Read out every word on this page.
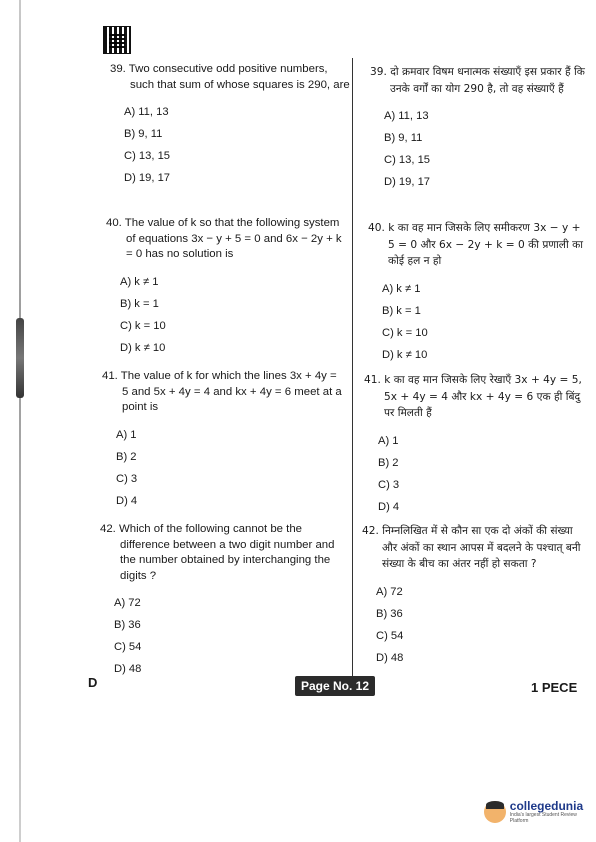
39. Two consecutive odd positive numbers, such that sum of whose squares is 290, are

A) 11, 13
B) 9, 11
C) 13, 15
D) 19, 17

40. The value of k so that the following system of equations 3x − y + 5 = 0 and 6x − 2y + k = 0 has no solution is

A) k ≠ 1
B) k = 1
C) k = 10
D) k ≠ 10

41. The value of k for which the lines 3x + 4y = 5 and 5x + 4y = 4 and kx + 4y = 6 meet at a point is

A) 1
B) 2
C) 3
D) 4

42. Which of the following cannot be the difference between a two digit number and the number obtained by interchanging the digits ?

A) 72
B) 36
C) 54
D) 48

39. दो क्रमवार विषम धनात्मक संख्याएँ इस प्रकार हैं कि उनके वर्गों का योग 290 है, तो वह संख्याएँ हैं

A) 11, 13
B) 9, 11
C) 13, 15
D) 19, 17

40. k का वह मान जिसके लिए समीकरण 3x − y + 5 = 0 और 6x − 2y + k = 0 की प्रणाली का कोई हल न हो

A) k ≠ 1
B) k = 1
C) k = 10
D) k ≠ 10

41. k का वह मान जिसके लिए रेखाएँ 3x + 4y = 5, 5x + 4y = 4 और kx + 4y = 6 एक ही बिंदु पर मिलती हैं

A) 1
B) 2
C) 3
D) 4

42. निम्नलिखित में से कौन सा एक दो अंकों की संख्या और अंकों का स्थान आपस में बदलने के पश्चात् बनी संख्या के बीच का अंतर नहीं हो सकता ?

A) 72
B) 36
C) 54
D) 48
D	Page No. 12	1 PECE
collegedunia
India's largest Student Review Platform
